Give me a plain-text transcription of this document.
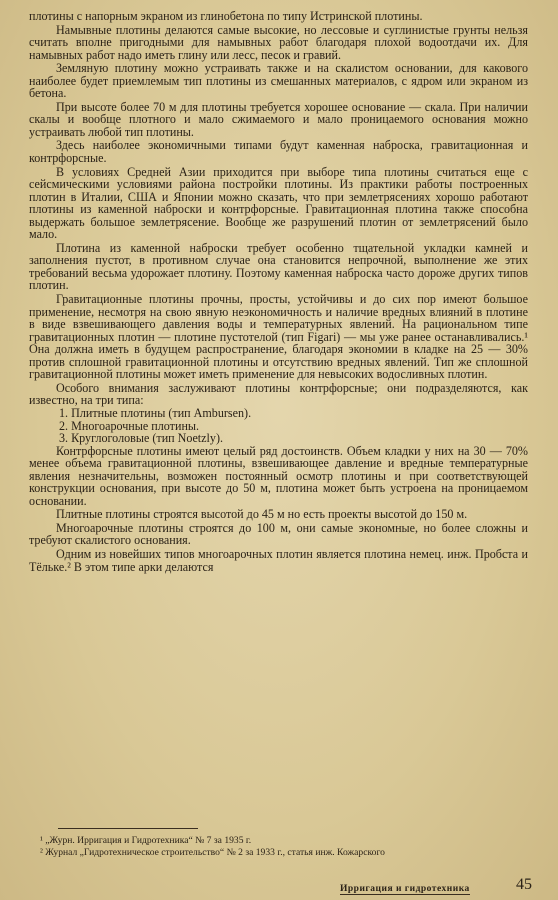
плотины с напорным экраном из глинобетона по типу Истринской плотины.

Намывные плотины делаются самые высокие, но лессовые и суглинистые грунты нельзя считать вполне пригодными для намывных работ благодаря плохой водоотдачи их. Для намывных работ надо иметь глину или лесс, песок и гравий.

Земляную плотину можно устраивать также и на скалистом основании, для какового наиболее будет приемлемым тип плотины из смешанных материалов, с ядром или экраном из бетона.

При высоте более 70 м для плотины требуется хорошее основание — скала. При наличии скалы и вообще плотного и мало сжимаемого и мало проницаемого основания можно устраивать любой тип плотины.

Здесь наиболее экономичными типами будут каменная наброска, гравитационная и контрфорсные.

В условиях Средней Азии приходится при выборе типа плотины считаться еще с сейсмическими условиями района постройки плотины. Из практики работы построенных плотин в Италии, США и Японии можно сказать, что при землетрясениях хорошо работают плотины из каменной наброски и контрфорсные. Гравитационная плотина также способна выдержать большое землетрясение. Вообще же разрушений плотин от землетрясений было мало.

Плотина из каменной наброски требует особенно тщательной укладки камней и заполнения пустот, в противном случае она становится непрочной, выполнение же этих требований весьма удорожает плотину. Поэтому каменная наброска часто дороже других типов плотин.

Гравитационные плотины прочны, просты, устойчивы и до сих пор имеют большое применение, несмотря на свою явную неэкономичность и наличие вредных влияний в плотине в виде взвешивающего давления воды и температурных явлений. На рациональном типе гравитационных плотин — плотине пустотелой (тип Figari) — мы уже ранее останавливались.¹ Она должна иметь в будущем распространение, благодаря экономии в кладке на 25 — 30% против сплошной гравитационной плотины и отсутствию вредных явлений. Тип же сплошной гравитационной плотины может иметь применение для невысоких водосливных плотин.

Особого внимания заслуживают плотины контрфорсные; они подразделяются, как известно, на три типа:

1. Плитные плотины (тип Ambursen).

2. Многоарочные плотины.

3. Круглоголовые (тип Noetzly).

Контрфорсные плотины имеют целый ряд достоинств. Объем кладки у них на 30 — 70% менее объема гравитационной плотины, взвешивающее давление и вредные температурные явления незначительны, возможен постоянный осмотр плотины и при соответствующей конструкции основания, при высоте до 50 м, плотина может быть устроена на проницаемом основании.

Плитные плотины строятся высотой до 45 м но есть проекты высотой до 150 м.

Многоарочные плотины строятся до 100 м, они самые экономные, но более сложны и требуют скалистого основания.

Одним из новейших типов многоарочных плотин является плотина немец. инж. Пробста и Тёльке.² В этом типе арки делаются

¹ „Журн. Ирригация и Гидротехника“ № 7 за 1935 г.
² Журнал „Гидротехническое строительство“ № 2 за 1933 г., статья инж. Кожарского
Ирригация и гидротехника	45
